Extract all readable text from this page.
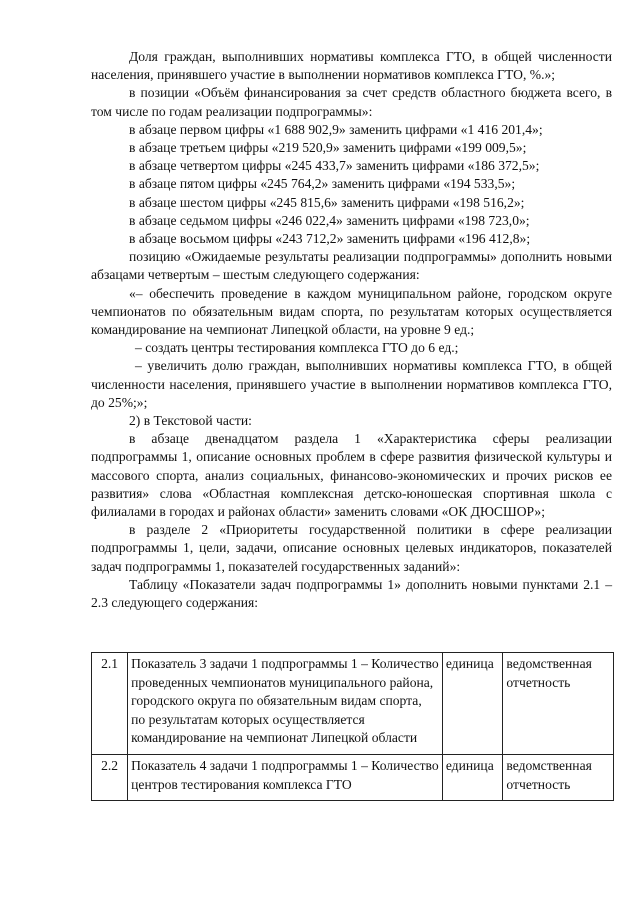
Доля граждан, выполнивших нормативы комплекса ГТО, в общей численности населения, принявшего участие в выполнении нормативов комплекса ГТО, %.»;

в позиции «Объём финансирования за счет средств областного бюджета всего, в том числе по годам реализации подпрограммы»:

в абзаце первом цифры «1 688 902,9» заменить цифрами «1 416 201,4»;

в абзаце третьем цифры «219 520,9» заменить цифрами «199 009,5»;

в абзаце четвертом цифры «245 433,7» заменить цифрами «186 372,5»;

в абзаце пятом цифры «245 764,2» заменить цифрами «194 533,5»;

в абзаце шестом цифры «245 815,6» заменить цифрами «198 516,2»;

в абзаце седьмом цифры «246 022,4» заменить цифрами «198 723,0»;

в абзаце восьмом цифры «243 712,2» заменить цифрами «196 412,8»;

позицию «Ожидаемые результаты реализации подпрограммы» дополнить новыми абзацами четвертым – шестым следующего содержания:

«– обеспечить проведение в каждом муниципальном районе, городском округе чемпионатов по обязательным видам спорта, по результатам которых осуществляется командирование на чемпионат Липецкой области, на уровне 9 ед.;

– создать центры тестирования комплекса ГТО до 6 ед.;

– увеличить долю граждан, выполнивших нормативы комплекса ГТО, в общей численности населения, принявшего участие в выполнении нормативов комплекса ГТО, до 25%;»;

2) в Текстовой части:

в абзаце двенадцатом раздела 1 «Характеристика сферы реализации подпрограммы 1, описание основных проблем в сфере развития физической культуры и массового спорта, анализ социальных, финансово-экономических и прочих рисков ее развития» слова «Областная комплексная детско-юношеская спортивная школа с филиалами в городах и районах области» заменить словами «ОК ДЮСШОР»;

в разделе 2 «Приоритеты государственной политики в сфере реализации подпрограммы 1, цели, задачи, описание основных целевых индикаторов, показателей задач подпрограммы 1, показателей государственных заданий»:

Таблицу «Показатели задач подпрограммы 1» дополнить новыми пунктами 2.1 – 2.3 следующего содержания:

2.1	Показатель 3 задачи 1 подпрограммы 1 – Количество проведенных чемпионатов муниципального района, городского округа по обязательным видам спорта, по результатам которых осуществляется командирование на чемпионат Липецкой области	единица	ведомственная отчетность
2.2	Показатель 4 задачи 1 подпрограммы 1 – Количество центров тестирования комплекса ГТО	единица	ведомственная отчетность
